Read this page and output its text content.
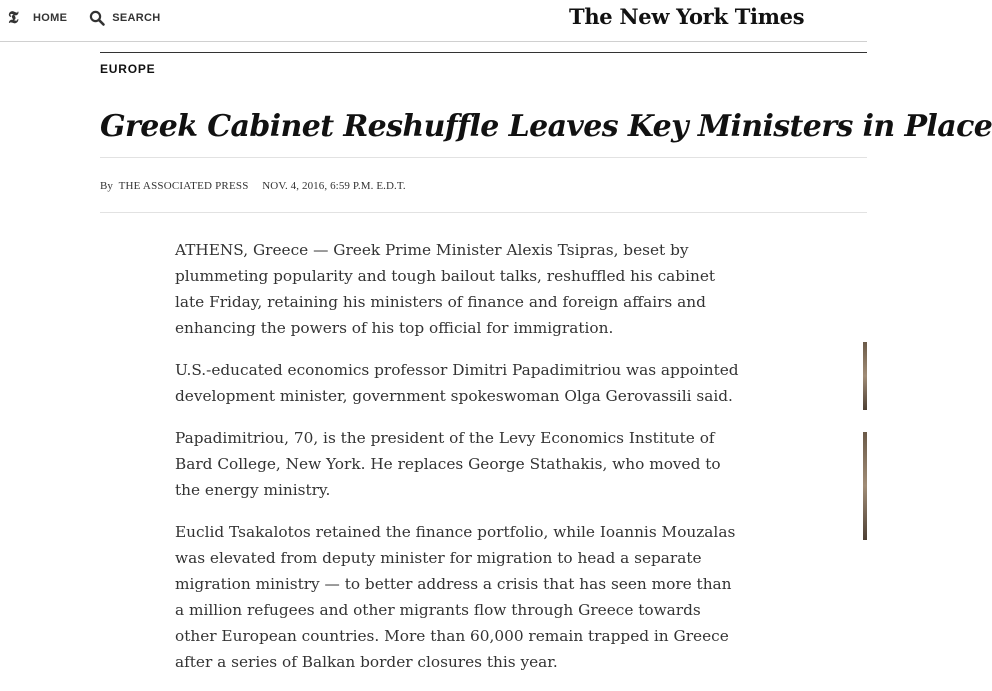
𝕿	HOME	SEARCH	The New York Times
EUROPE
Greek Cabinet Reshuffle Leaves Key Ministers in Place
By THE ASSOCIATED PRESS NOV. 4, 2016, 6:59 P.M. E.D.T.

ATHENS, Greece — Greek Prime Minister Alexis Tsipras, beset by plummeting popularity and tough bailout talks, reshuffled his cabinet late Friday, retaining his ministers of finance and foreign affairs and enhancing the powers of his top official for immigration.

U.S.-educated economics professor Dimitri Papadimitriou was appointed development minister, government spokeswoman Olga Gerovassili said.

Papadimitriou, 70, is the president of the Levy Economics Institute of Bard College, New York. He replaces George Stathakis, who moved to the energy ministry.

Euclid Tsakalotos retained the finance portfolio, while Ioannis Mouzalas was elevated from deputy minister for migration to head a separate migration ministry — to better address a crisis that has seen more than a million refugees and other migrants flow through Greece towards other European countries. More than 60,000 remain trapped in Greece after a series of Balkan border closures this year.
